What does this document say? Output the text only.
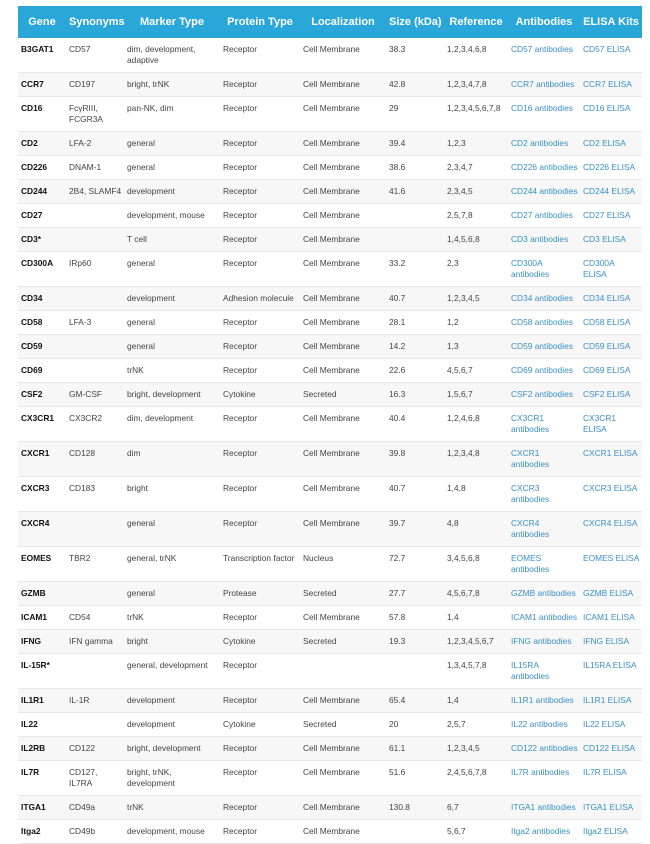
Gene	Synonyms	Marker Type	Protein Type	Localization	Size (kDa)	Reference	Antibodies	ELISA Kits
B3GAT1	CD57	dim, development, adaptive	Receptor	Cell Membrane	38.3	1,2,3,4,6,8	CD57 antibodies	CD57 ELISA
CCR7	CD197	bright, trNK	Receptor	Cell Membrane	42.8	1,2,3,4,7,8	CCR7 antibodies	CCR7 ELISA
CD16	FcγRIII, FCGR3A	pan-NK, dim	Receptor	Cell Membrane	29	1,2,3,4,5,6,7,8	CD16 antibodies	CD16 ELISA
CD2	LFA-2	general	Receptor	Cell Membrane	39.4	1,2,3	CD2 antibodies	CD2 ELISA
CD226	DNAM-1	general	Receptor	Cell Membrane	38.6	2,3,4,7	CD226 antibodies	CD226 ELISA
CD244	2B4, SLAMF4	development	Receptor	Cell Membrane	41.6	2,3,4,5	CD244 antibodies	CD244 ELISA
CD27		development, mouse	Receptor	Cell Membrane		2,5,7,8	CD27 antibodies	CD27 ELISA
CD3*		T cell	Receptor	Cell Membrane		1,4,5,6,8	CD3 antibodies	CD3 ELISA
CD300A	IRp60	general	Receptor	Cell Membrane	33.2	2,3	CD300A antibodies	CD300A ELISA
CD34		development	Adhesion molecule	Cell Membrane	40.7	1,2,3,4,5	CD34 antibodies	CD34 ELISA
CD58	LFA-3	general	Receptor	Cell Membrane	28.1	1,2	CD58 antibodies	CD58 ELISA
CD59		general	Receptor	Cell Membrane	14.2	1,3	CD59 antibodies	CD59 ELISA
CD69		trNK	Receptor	Cell Membrane	22.6	4,5,6,7	CD69 antibodies	CD69 ELISA
CSF2	GM-CSF	bright, development	Cytokine	Secreted	16.3	1,5,6,7	CSF2 antibodies	CSF2 ELISA
CX3CR1	CX3CR2	dim, development	Receptor	Cell Membrane	40.4	1,2,4,6,8	CX3CR1 antibodies	CX3CR1 ELISA
CXCR1	CD128	dim	Receptor	Cell Membrane	39.8	1,2,3,4,8	CXCR1 antibodies	CXCR1 ELISA
CXCR3	CD183	bright	Receptor	Cell Membrane	40.7	1,4,8	CXCR3 antibodies	CXCR3 ELISA
CXCR4		general	Receptor	Cell Membrane	39.7	4,8	CXCR4 antibodies	CXCR4 ELISA
EOMES	TBR2	general, trNK	Transcription factor	Nucleus	72.7	3,4,5,6,8	EOMES antibodies	EOMES ELISA
GZMB		general	Protease	Secreted	27.7	4,5,6,7,8	GZMB antibodies	GZMB ELISA
ICAM1	CD54	trNK	Receptor	Cell Membrane	57.8	1,4	ICAM1 antibodies	ICAM1 ELISA
IFNG	IFN gamma	bright	Cytokine	Secreted	19.3	1,2,3,4,5,6,7	IFNG antibodies	IFNG ELISA
IL-15R*		general, development	Receptor			1,3,4,5,7,8	IL15RA antibodies	IL15RA ELISA
IL1R1	IL-1R	development	Receptor	Cell Membrane	65.4	1,4	IL1R1 antibodies	IL1R1 ELISA
IL22		development	Cytokine	Secreted	20	2,5,7	IL22 antibodies	IL22 ELISA
IL2RB	CD122	bright, development	Receptor	Cell Membrane	61.1	1,2,3,4,5	CD122 antibodies	CD122 ELISA
IL7R	CD127, IL7RA	bright, trNK, development	Receptor	Cell Membrane	51.6	2,4,5,6,7,8	IL7R antibodies	IL7R ELISA
ITGA1	CD49a	trNK	Receptor	Cell Membrane	130.8	6,7	ITGA1 antibodies	ITGA1 ELISA
Itga2	CD49b	development, mouse	Receptor	Cell Membrane		5,6,7	Itga2 antibodies	Itga2 ELISA
